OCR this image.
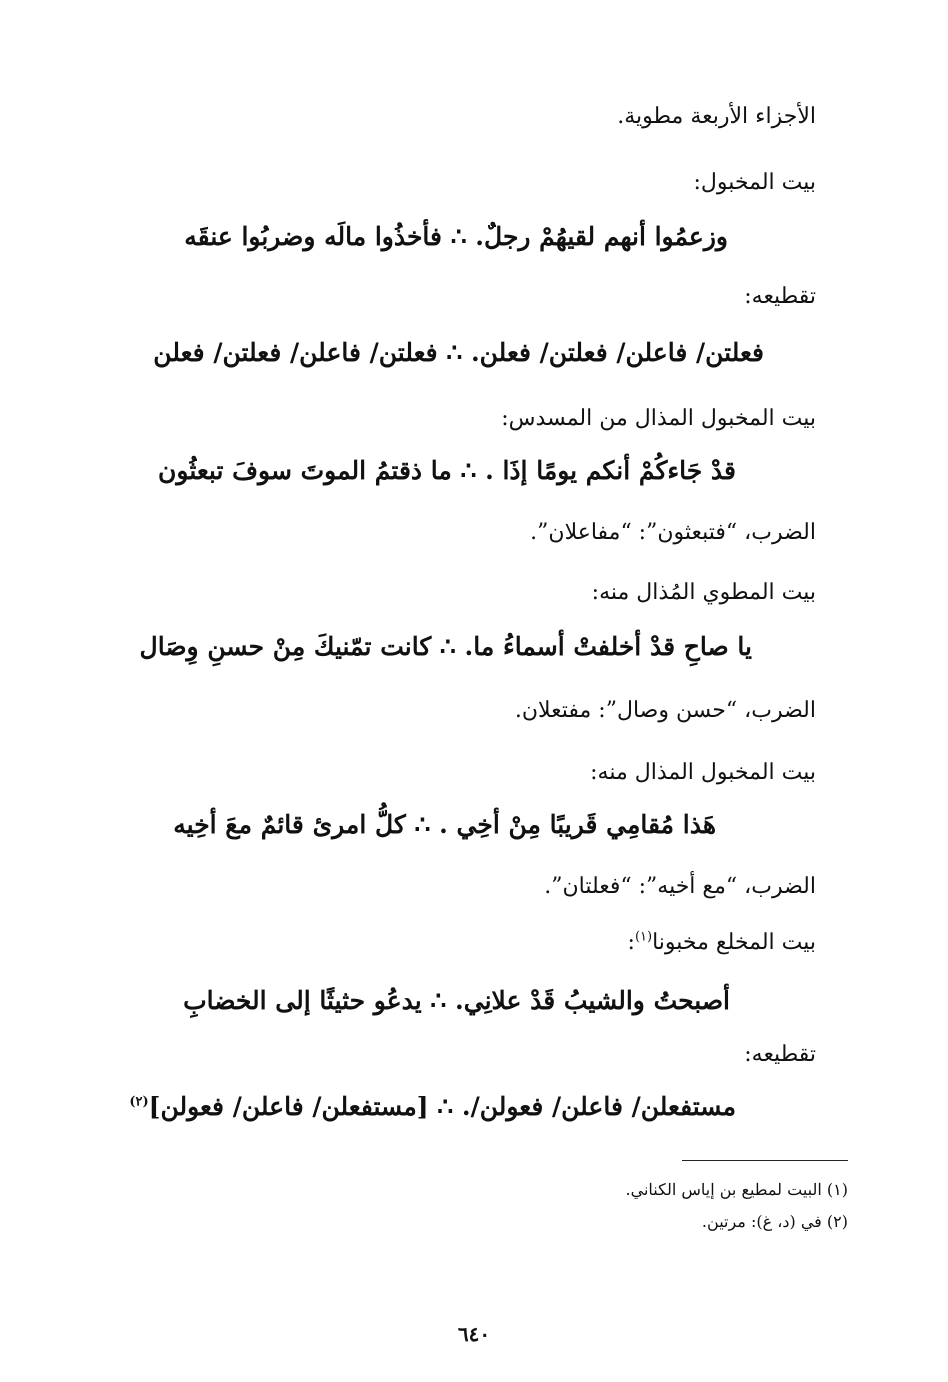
الأجزاء الأربعة مطوية.
بيت المخبول:
وزعمُوا أنهم لقيهُمْ رجلٌ. ∴ فأخذُوا مالَه وضربُوا عنقَه
تقطيعه:
فعلتن/ فاعلن/ فعلتن/ فعلن. ∴ فعلتن/ فاعلن/ فعلتن/ فعلن
بيت المخبول المذال من المسدس:
قدْ جَاءكُمْ أنكم يومًا إذَا . ∴ ما ذقتمُ الموتَ سوفَ تبعثُون
الضرب، “فتبعثون”: “مفاعلان”.
بيت المطوي المُذال منه:
يا صاحِ قدْ أخلفتْ أسماءُ ما. ∴ كانت تمّنيكَ مِنْ حسنِ وِصَال
الضرب، “حسن وصال”: مفتعلان.
بيت المخبول المذال منه:
هَذا مُقامِي قَريبًا مِنْ أخِي . ∴ كلُّ امرئ قائمٌ معَ أخِيه
الضرب، “مع أخيه”: “فعلتان”.
بيت المخلع مخبونا$^{(١)}$:
أصبحتُ والشيبُ قَدْ علانِي. ∴ يدعُو حثيثًا إلى الخضابِ
تقطيعه:
مستفعلن/ فاعلن/ فعولن/. ∴ [مستفعلن/ فاعلن/ فعولن]$^{(٢)}$
(١) البيت لمطيع بن إياس الكناني.
(٢) في (د، غ): مرتين.
٦٤٠
